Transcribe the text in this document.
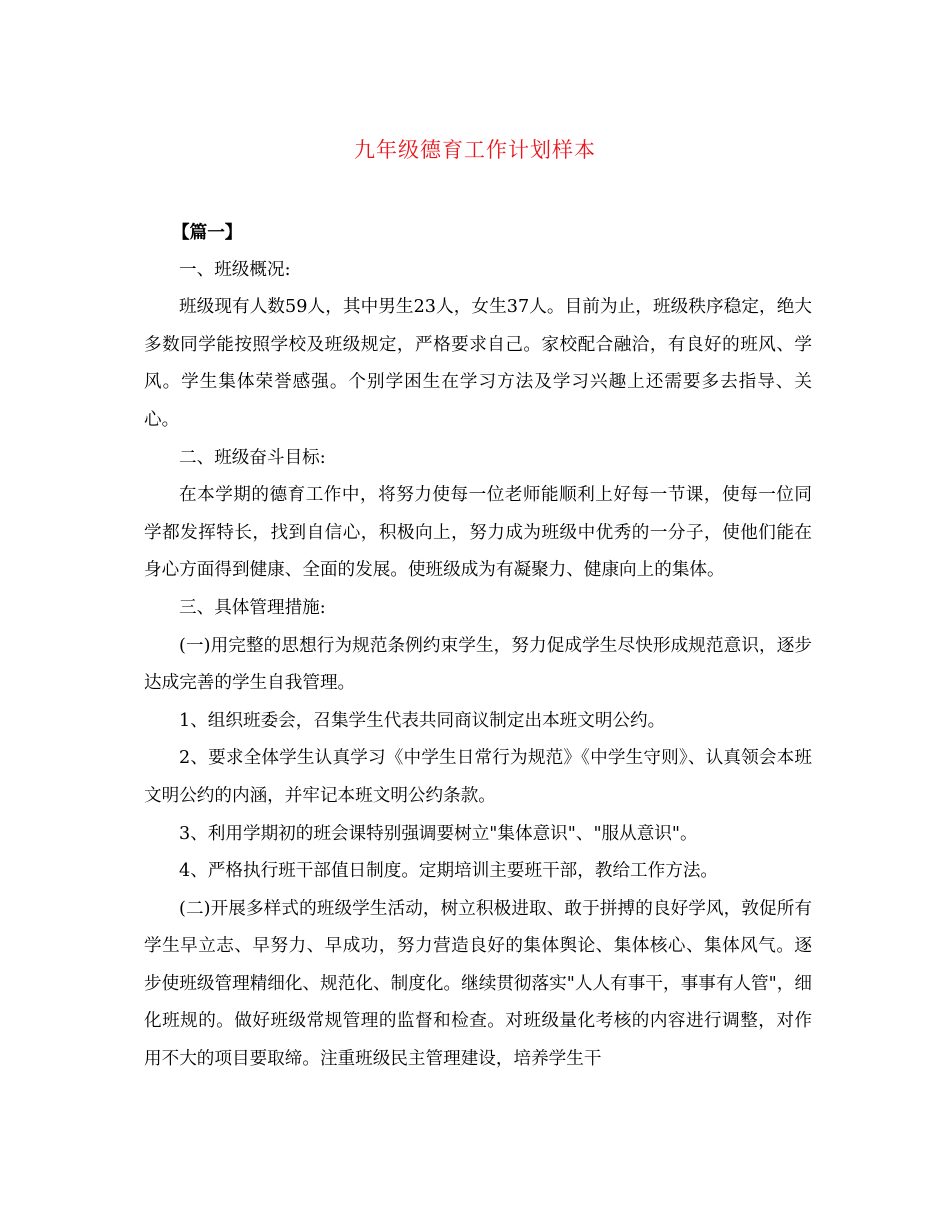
九年级德育工作计划样本

【篇一】

一、班级概况:

班级现有人数59人，其中男生23人，女生37人。目前为止，班级秩序稳定，绝大多数同学能按照学校及班级规定，严格要求自己。家校配合融洽，有良好的班风、学风。学生集体荣誉感强。个别学困生在学习方法及学习兴趣上还需要多去指导、关心。

二、班级奋斗目标:

在本学期的德育工作中，将努力使每一位老师能顺利上好每一节课，使每一位同学都发挥特长，找到自信心，积极向上，努力成为班级中优秀的一分子，使他们能在身心方面得到健康、全面的发展。使班级成为有凝聚力、健康向上的集体。

三、具体管理措施:

(一)用完整的思想行为规范条例约束学生，努力促成学生尽快形成规范意识，逐步达成完善的学生自我管理。

1、组织班委会，召集学生代表共同商议制定出本班文明公约。

2、要求全体学生认真学习《中学生日常行为规范》《中学生守则》、认真领会本班文明公约的内涵，并牢记本班文明公约条款。

3、利用学期初的班会课特别强调要树立"集体意识"、"服从意识"。

4、严格执行班干部值日制度。定期培训主要班干部，教给工作方法。

(二)开展多样式的班级学生活动，树立积极进取、敢于拼搏的良好学风，敦促所有学生早立志、早努力、早成功，努力营造良好的集体舆论、集体核心、集体风气。逐步使班级管理精细化、规范化、制度化。继续贯彻落实"人人有事干，事事有人管"，细化班规的。做好班级常规管理的监督和检查。对班级量化考核的内容进行调整，对作用不大的项目要取缔。注重班级民主管理建设，培养学生干
